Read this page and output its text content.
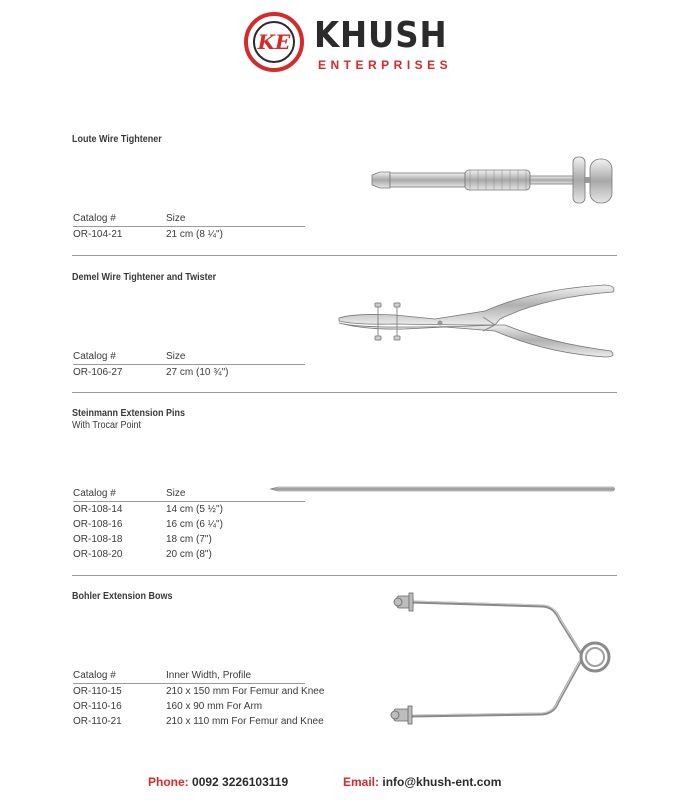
KE KHUSH
ENTERPRISES
Loute Wire Tightener
Catalog #	Size
OR-104-21	21 cm (8 ¼")
Demel Wire Tightener and Twister
Catalog #	Size
OR-106-27	27 cm (10 ¾")
Steinmann Extension Pins
With Trocar Point
Catalog #	Size
OR-108-14	14 cm (5 ½")
OR-108-16	16 cm (6 ¼")
OR-108-18	18 cm (7")
OR-108-20	20 cm (8")
Bohler Extension Bows
Catalog #	Inner Width, Profile
OR-110-15	210 x 150 mm For Femur and Knee
OR-110-16	160 x 90 mm For Arm
OR-110-21	210 x 110 mm For Femur and Knee
Phone: 0092 3226103119	Email: info@khush-ent.com
